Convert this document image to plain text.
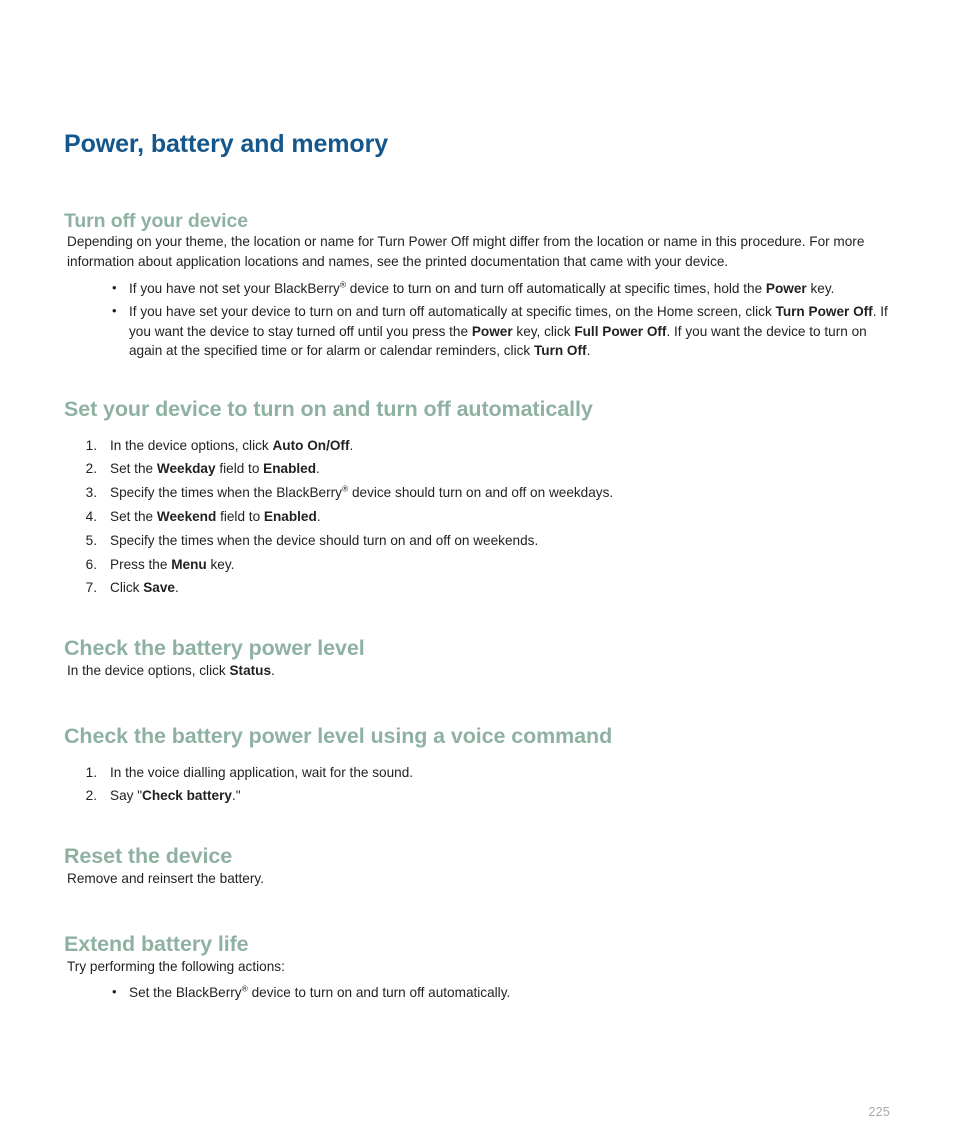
Power, battery and memory
Turn off your device

Depending on your theme, the location or name for Turn Power Off might differ from the location or name in this procedure. For more information about application locations and names, see the printed documentation that came with your device.

• If you have not set your BlackBerry® device to turn on and turn off automatically at specific times, hold the Power key.
• If you have set your device to turn on and turn off automatically at specific times, on the Home screen, click Turn Power Off. If you want the device to stay turned off until you press the Power key, click Full Power Off. If you want the device to turn on again at the specified time or for alarm or calendar reminders, click Turn Off.
Set your device to turn on and turn off automatically
In the device options, click Auto On/Off.
Set the Weekday field to Enabled.
Specify the times when the BlackBerry® device should turn on and off on weekdays.
Set the Weekend field to Enabled.
Specify the times when the device should turn on and off on weekends.
Press the Menu key.
Click Save.
Check the battery power level

In the device options, click Status.

Check the battery power level using a voice command
In the voice dialling application, wait for the sound.
Say "Check battery."
Reset the device

Remove and reinsert the battery.

Extend battery life

Try performing the following actions:

• Set the BlackBerry® device to turn on and turn off automatically.
225
